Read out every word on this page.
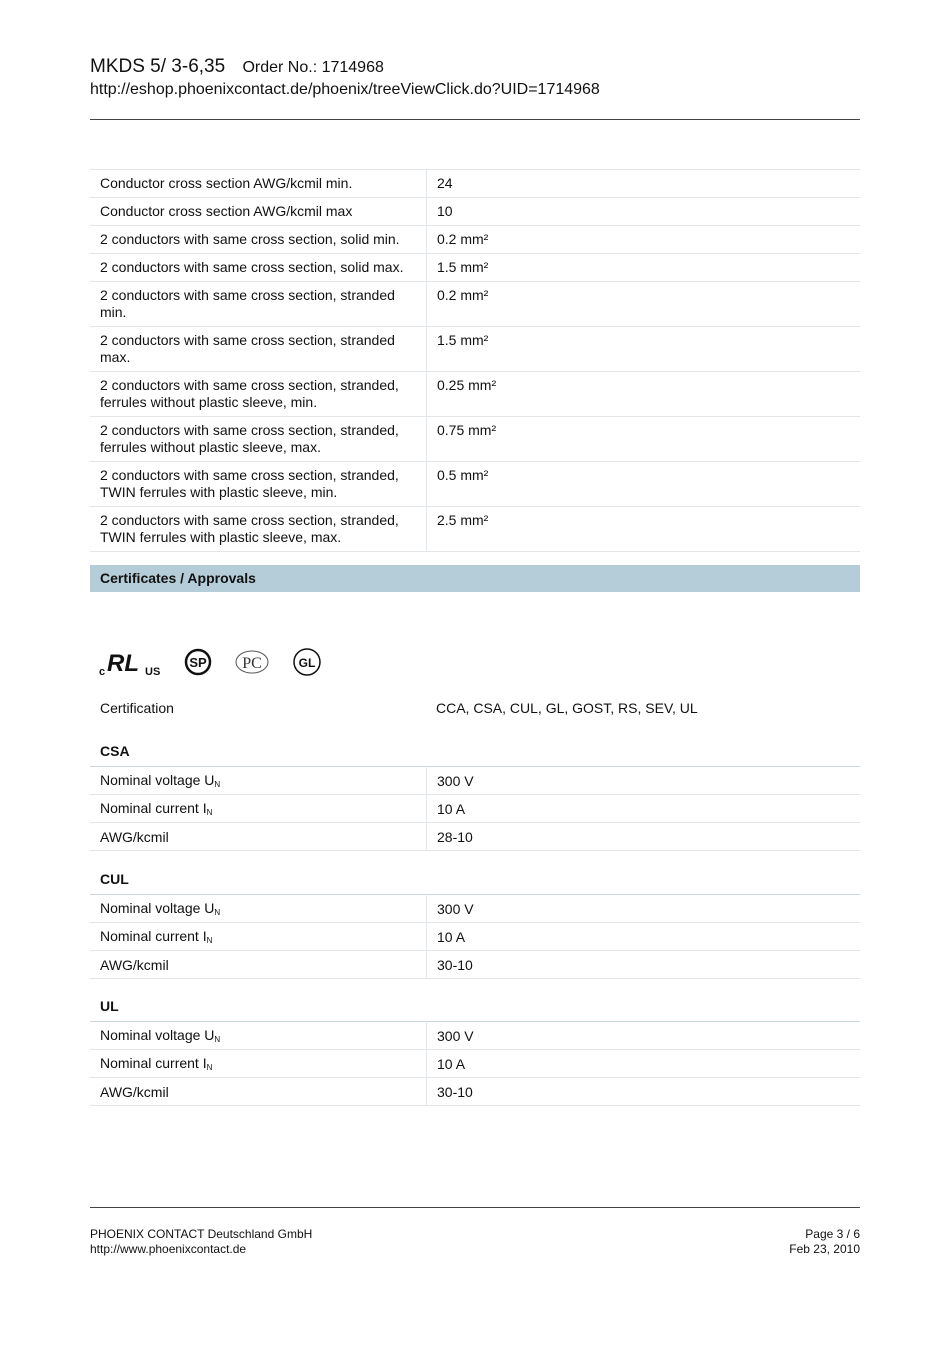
MKDS 5/ 3-6,35 Order No.: 1714968
http://eshop.phoenixcontact.de/phoenix/treeViewClick.do?UID=1714968
Conductor cross section AWG/kcmil min.	24
Conductor cross section AWG/kcmil max	10
2 conductors with same cross section, solid min.	0.2 mm²
2 conductors with same cross section, solid max.	1.5 mm²
2 conductors with same cross section, stranded min.	0.2 mm²
2 conductors with same cross section, stranded max.	1.5 mm²
2 conductors with same cross section, stranded, ferrules without plastic sleeve, min.	0.25 mm²
2 conductors with same cross section, stranded, ferrules without plastic sleeve, max.	0.75 mm²
2 conductors with same cross section, stranded, TWIN ferrules with plastic sleeve, min.	0.5 mm²
2 conductors with same cross section, stranded, TWIN ferrules with plastic sleeve, max.	2.5 mm²
Certificates / Approvals
c RL US
SP PC	GL
Certification	CCA, CSA, CUL, GL, GOST, RS, SEV, UL
CSA
Nominal voltage $U_N$	300 V
Nominal current $I_N$	10 A
AWG/kcmil	28-10
CUL
Nominal voltage $U_N$	300 V
Nominal current $I_N$	10 A
AWG/kcmil	30-10
UL
Nominal voltage $U_N$	300 V
Nominal current $I_N$	10 A
AWG/kcmil	30-10
PHOENIX CONTACT Deutschland GmbH
http://www.phoenixcontact.de
Page 3 / 6
Feb 23, 2010
